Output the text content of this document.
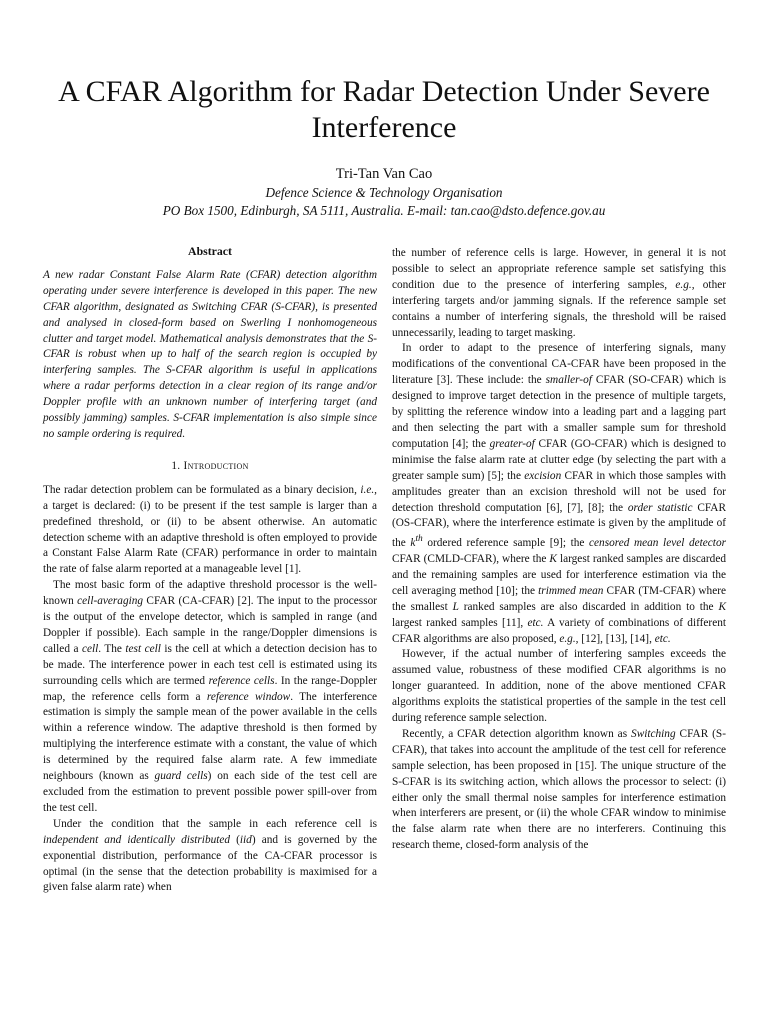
A CFAR Algorithm for Radar Detection Under Severe Interference
Tri-Tan Van Cao
Defence Science & Technology Organisation
PO Box 1500, Edinburgh, SA 5111, Australia. E-mail: tan.cao@dsto.defence.gov.au
Abstract

A new radar Constant False Alarm Rate (CFAR) detection algorithm operating under severe interference is developed in this paper. The new CFAR algorithm, designated as Switching CFAR (S-CFAR), is presented and analysed in closed-form based on Swerling I nonhomogeneous clutter and target model. Mathematical analysis demonstrates that the S-CFAR is robust when up to half of the search region is occupied by interfering samples. The S-CFAR algorithm is useful in applications where a radar performs detection in a clear region of its range and/or Doppler profile with an unknown number of interfering target (and possibly jamming) samples. S-CFAR implementation is also simple since no sample ordering is required.

1. Introduction

The radar detection problem can be formulated as a binary decision, i.e., a target is declared: (i) to be present if the test sample is larger than a predefined threshold, or (ii) to be absent otherwise. An automatic detection scheme with an adaptive threshold is often employed to provide a Constant False Alarm Rate (CFAR) performance in order to maintain the rate of false alarm reported at a manageable level [1].

The most basic form of the adaptive threshold processor is the well-known cell-averaging CFAR (CA-CFAR) [2]. The input to the processor is the output of the envelope detector, which is sampled in range (and Doppler if possible). Each sample in the range/Doppler dimensions is called a cell. The test cell is the cell at which a detection decision has to be made. The interference power in each test cell is estimated using its surrounding cells which are termed reference cells. In the range-Doppler map, the reference cells form a reference window. The interference estimation is simply the sample mean of the power available in the cells within a reference window. The adaptive threshold is then formed by multiplying the interference estimate with a constant, the value of which is determined by the required false alarm rate. A few immediate neighbours (known as guard cells) on each side of the test cell are excluded from the estimation to prevent possible power spill-over from the test cell.

Under the condition that the sample in each reference cell is independent and identically distributed (iid) and is governed by the exponential distribution, performance of the CA-CFAR processor is optimal (in the sense that the detection probability is maximised for a given false alarm rate) when

the number of reference cells is large. However, in general it is not possible to select an appropriate reference sample set satisfying this condition due to the presence of interfering samples, e.g., other interfering targets and/or jamming signals. If the reference sample set contains a number of interfering signals, the threshold will be raised unnecessarily, leading to target masking.

In order to adapt to the presence of interfering signals, many modifications of the conventional CA-CFAR have been proposed in the literature [3]. These include: the smaller-of CFAR (SO-CFAR) which is designed to improve target detection in the presence of multiple targets, by splitting the reference window into a leading part and a lagging part and then selecting the part with a smaller sample sum for threshold computation [4]; the greater-of CFAR (GO-CFAR) which is designed to minimise the false alarm rate at clutter edge (by selecting the part with a greater sample sum) [5]; the excision CFAR in which those samples with amplitudes greater than an excision threshold will not be used for detection threshold computation [6], [7], [8]; the order statistic CFAR (OS-CFAR), where the interference estimate is given by the amplitude of the $k^{th}$ ordered reference sample [9]; the censored mean level detector CFAR (CMLD-CFAR), where the K largest ranked samples are discarded and the remaining samples are used for interference estimation via the cell averaging method [10]; the trimmed mean CFAR (TM-CFAR) where the smallest L ranked samples are also discarded in addition to the K largest ranked samples [11], etc. A variety of combinations of different CFAR algorithms are also proposed, e.g., [12], [13], [14], etc.

However, if the actual number of interfering samples exceeds the assumed value, robustness of these modified CFAR algorithms is no longer guaranteed. In addition, none of the above mentioned CFAR algorithms exploits the statistical properties of the sample in the test cell during reference sample selection.

Recently, a CFAR detection algorithm known as Switching CFAR (S-CFAR), that takes into account the amplitude of the test cell for reference sample selection, has been proposed in [15]. The unique structure of the S-CFAR is its switching action, which allows the processor to select: (i) either only the small thermal noise samples for interference estimation when interferers are present, or (ii) the whole CFAR window to minimise the false alarm rate when there are no interferers. Continuing this research theme, closed-form analysis of the
